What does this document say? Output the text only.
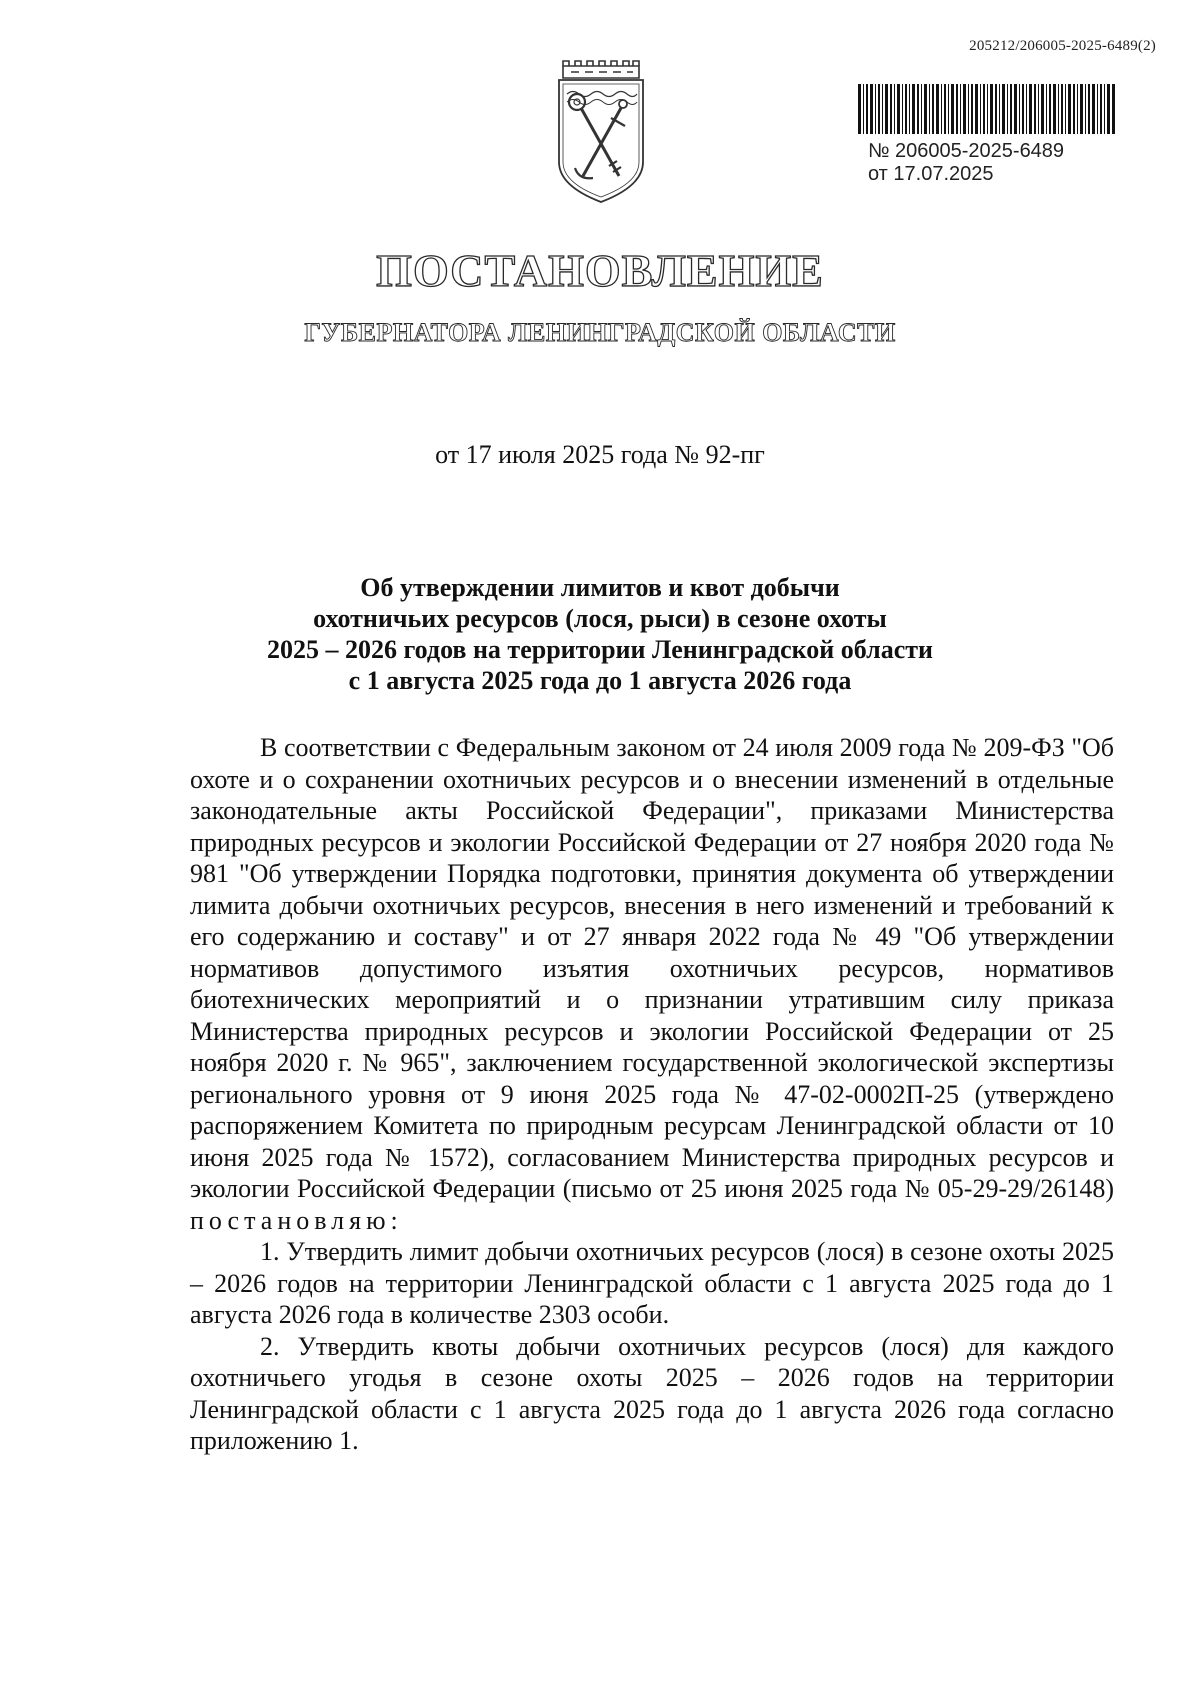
205212/206005-2025-6489(2)
№ 206005-2025-6489
от 17.07.2025
ПОСТАНОВЛЕНИЕ
ГУБЕРНАТОРА ЛЕНИНГРАДСКОЙ ОБЛАСТИ
от 17 июля 2025 года № 92-пг
Об утверждении лимитов и квот добычи
охотничьих ресурсов (лося, рыси) в сезоне охоты
2025 – 2026 годов на территории Ленинградской области
с 1 августа 2025 года до 1 августа 2026 года

В соответствии с Федеральным законом от 24 июля 2009 года № 209-ФЗ "Об охоте и о сохранении охотничьих ресурсов и о внесении изменений в отдельные законодательные акты Российской Федерации", приказами Министерства природных ресурсов и экологии Российской Федерации от 27 ноября 2020 года № 981 "Об утверждении Порядка подготовки, принятия документа об утверждении лимита добычи охотничьих ресурсов, внесения в него изменений и требований к его содержанию и составу" и от 27 января 2022 года № 49 "Об утверждении нормативов допустимого изъятия охотничьих ресурсов, нормативов биотехнических мероприятий и о признании утратившим силу приказа Министерства природных ресурсов и экологии Российской Федерации от 25 ноября 2020 г. № 965", заключением государственной экологической экспертизы регионального уровня от 9 июня 2025 года № 47-02-0002П-25 (утверждено распоряжением Комитета по природным ресурсам Ленинградской области от 10 июня 2025 года № 1572), согласованием Министерства природных ресурсов и экологии Российской Федерации (письмо от 25 июня 2025 года № 05-29-29/26148) постановляю:

1. Утвердить лимит добычи охотничьих ресурсов (лося) в сезоне охоты 2025 – 2026 годов на территории Ленинградской области с 1 августа 2025 года до 1 августа 2026 года в количестве 2303 особи.

2. Утвердить квоты добычи охотничьих ресурсов (лося) для каждого охотничьего угодья в сезоне охоты 2025 – 2026 годов на территории Ленинградской области с 1 августа 2025 года до 1 августа 2026 года согласно приложению 1.
